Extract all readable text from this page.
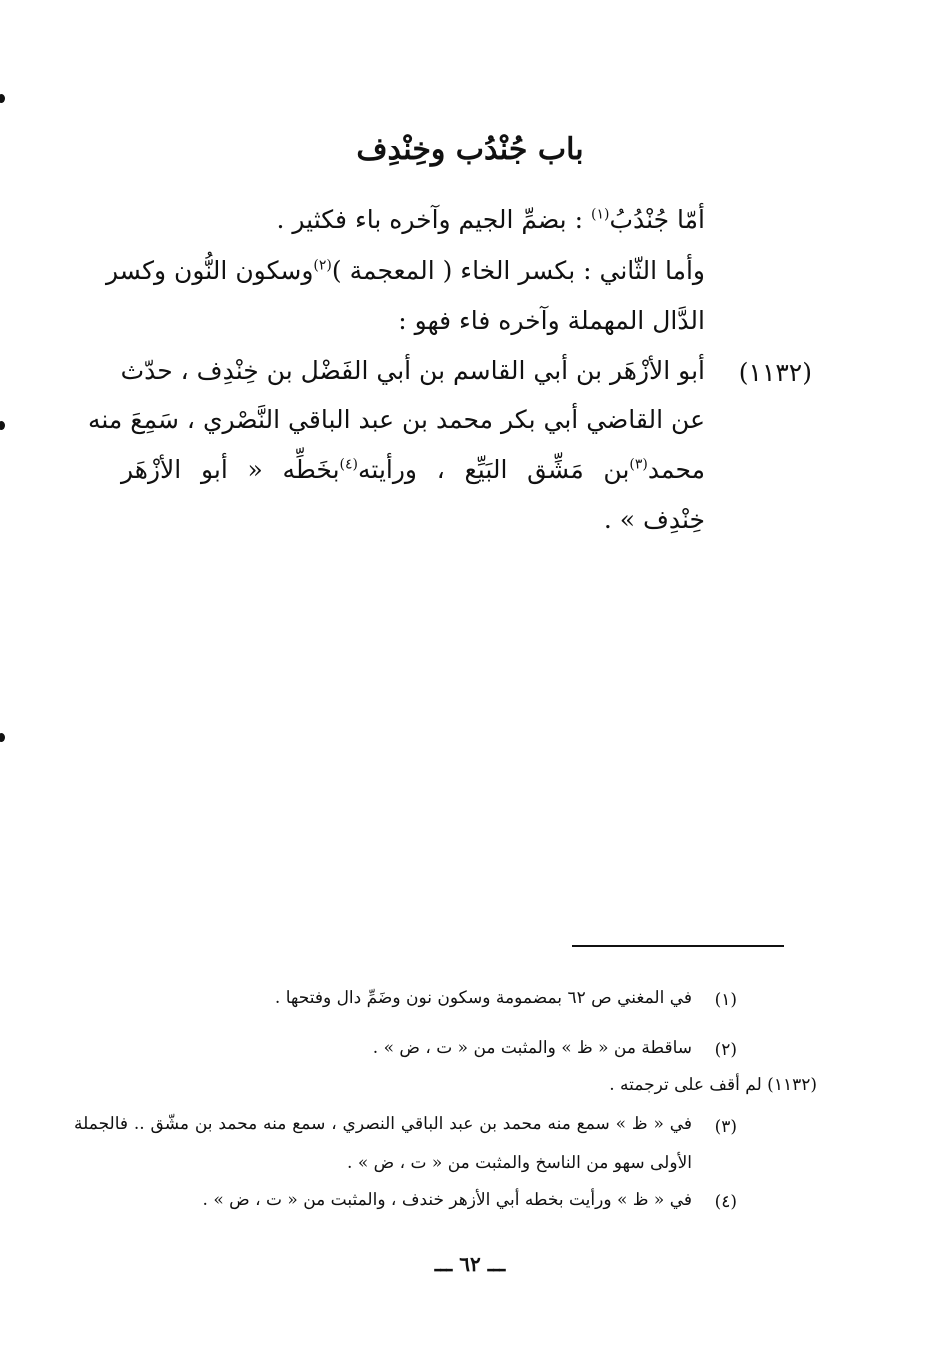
باب جُنْدُب وخِنْدِف
أمّا جُنْدُبُ$^{(١)}$ : بضمِّ الجيم وآخره باء فكثير .
وأما الثّاني : بكسر الخاء ( المعجمة )$^{(٢)}$وسكون النُّون وكسر
الدَّال المهملة وآخره فاء فهو :
(١١٣٢)
أبو الأزْهَر بن أبي القاسم بن أبي الفَضْل بن خِنْدِف ، حدّث
عن القاضي أبي بكر محمد بن عبد الباقي النَّصْري ، سَمِعَ منه
محمد$^{(٣)}$بن مَشِّق البَيِّع ، ورأيته$^{(٤)}$بخَطِّه « أبو الأزْهَر
خِنْدِف » .
(١)
في المغني ص ٦٢ بمضمومة وسكون نون وضَمِّ دال وفتحها .
(٢)
ساقطة من « ظ » والمثبت من « ت ، ض » .
(١١٣٢) لم أقف على ترجمته .
(٣)
في « ظ » سمع منه محمد بن عبد الباقي النصري ، سمع منه محمد بن مشّق .. فالجملة
الأولى سهو من الناسخ والمثبت من « ت ، ض » .
(٤)
في « ظ » ورأيت بخطه أبي الأزهر خندف ، والمثبت من « ت ، ض » .
ـــ ٦٢ ـــ
